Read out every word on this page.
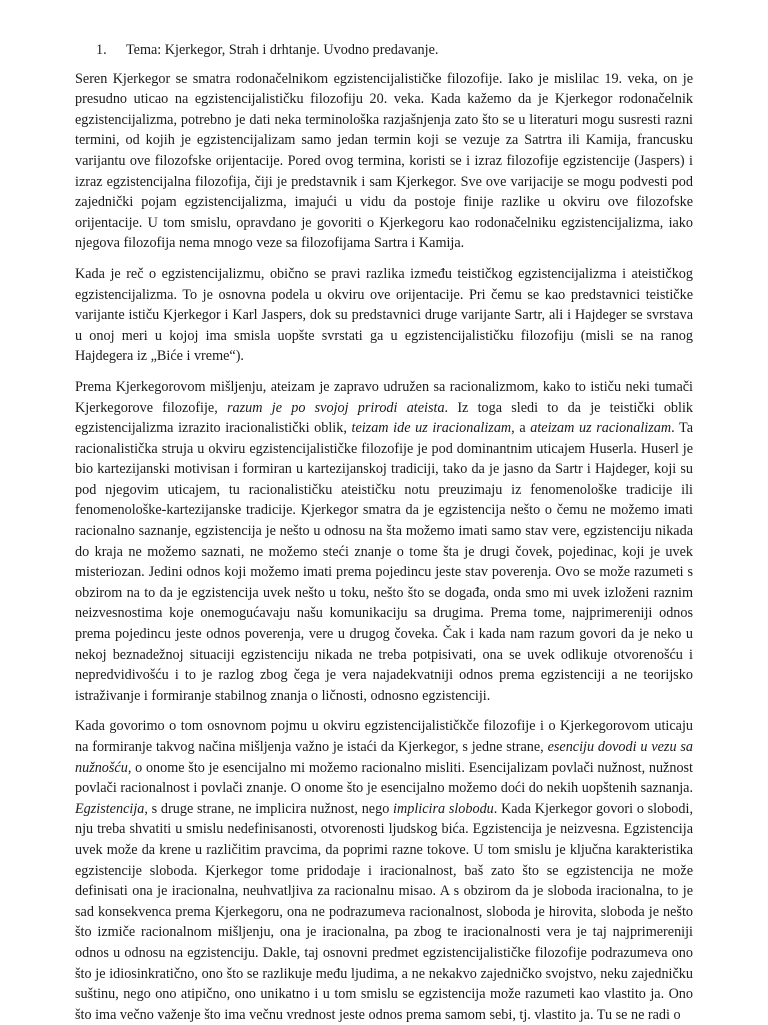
1.	Tema: Kjerkegor, Strah i drhtanje. Uvodno predavanje.

Seren Kjerkegor se smatra rodonačelnikom egzistencijalističke filozofije. Iako je mislilac 19. veka, on je presudno uticao na egzistencijalističku filozofiju 20. veka. Kada kažemo da je Kjerkegor rodonačelnik egzistencijalizma, potrebno je dati neka terminološka razjašnjenja zato što se u literaturi mogu susresti razni termini, od kojih je egzistencijalizam samo jedan termin koji se vezuje za Satrtra ili Kamija, francusku varijantu ove filozofske orijentacije. Pored ovog termina, koristi se i izraz filozofije egzistencije (Jaspers) i izraz egzistencijalna filozofija, čiji je predstavnik i sam Kjerkegor. Sve ove varijacije se mogu podvesti pod zajednički pojam egzistencijalizma, imajući u vidu da postoje finije razlike u okviru ove filozofske orijentacije. U tom smislu, opravdano je govoriti o Kjerkegoru kao rodonačelniku egzistencijalizma, iako njegova filozofija nema mnogo veze sa filozofijama Sartra i Kamija.

Kada je reč o egzistencijalizmu, obično se pravi razlika između teističkog egzistencijalizma i ateističkog egzistencijalizma. To je osnovna podela u okviru ove orijentacije. Pri čemu se kao predstavnici teističke varijante ističu Kjerkegor i Karl Jaspers, dok su predstavnici druge varijante Sartr, ali i Hajdeger se svrstava u onoj meri u kojoj ima smisla uopšte svrstati ga u egzistencijalističku filozofiju (misli se na ranog Hajdegera iz „Biće i vreme“).

Prema Kjerkegorovom mišljenju, ateizam je zapravo udružen sa racionalizmom, kako to ističu neki tumači Kjerkegorove filozofije, razum je po svojoj prirodi ateista. Iz toga sledi to da je teistički oblik egzistencijalizma izrazito iracionalistički oblik, teizam ide uz iracionalizam, a ateizam uz racionalizam. Ta racionalistička struja u okviru egzistencijalističke filozofije je pod dominantnim uticajem Huserla. Huserl je bio kartezijanski motivisan i formiran u kartezijanskoj tradiciji, tako da je jasno da Sartr i Hajdeger, koji su pod njegovim uticajem, tu racionalističku ateističku notu preuzimaju iz fenomenološke tradicije ili fenomenološke-kartezijanske tradicije. Kjerkegor smatra da je egzistencija nešto o čemu ne možemo imati racionalno saznanje, egzistencija je nešto u odnosu na šta možemo imati samo stav vere, egzistenciju nikada do kraja ne možemo saznati, ne možemo steći znanje o tome šta je drugi čovek, pojedinac, koji je uvek misteriozan. Jedini odnos koji možemo imati prema pojedincu jeste stav poverenja. Ovo se može razumeti s obzirom na to da je egzistencija uvek nešto u toku, nešto što se događa, onda smo mi uvek izloženi raznim neizvesnostima koje onemogućavaju našu komunikaciju sa drugima. Prema tome, najprimereniji odnos prema pojedincu jeste odnos poverenja, vere u drugog čoveka. Čak i kada nam razum govori da je neko u nekoj beznadežnoj situaciji egzistenciju nikada ne treba potpisivati, ona se uvek odlikuje otvorenošću i nepredvidivošću i to je razlog zbog čega je vera najadekvatniji odnos prema egzistenciji a ne teorijsko istraživanje i formiranje stabilnog znanja o ličnosti, odnosno egzistenciji.

Kada govorimo o tom osnovnom pojmu u okviru egzistencijalističkče filozofije i o Kjerkegorovom uticaju na formiranje takvog načina mišljenja važno je istaći da Kjerkegor, s jedne strane, esenciju dovodi u vezu sa nužnošću, o onome što je esencijalno mi možemo racionalno misliti. Esencijalizam povlači nužnost, nužnost povlači racionalnost i povlači znanje. O onome što je esencijalno možemo doći do nekih uopštenih saznanja. Egzistencija, s druge strane, ne implicira nužnost, nego implicira slobodu. Kada Kjerkegor govori o slobodi, nju treba shvatiti u smislu nedefinisanosti, otvorenosti ljudskog bića. Egzistencija je neizvesna. Egzistencija uvek može da krene u različitim pravcima, da poprimi razne tokove. U tom smislu je ključna karakteristika egzistencije sloboda. Kjerkegor tome pridodaje i iracionalnost, baš zato što se egzistencija ne može definisati ona je iracionalna, neuhvatljiva za racionalnu misao. A s obzirom da je sloboda iracionalna, to je sad konsekvenca prema Kjerkegoru, ona ne podrazumeva racionalnost, sloboda je hirovita, sloboda je nešto što izmiče racionalnom mišljenju, ona je iracionalna, pa zbog te iracionalnosti vera je taj najprimereniji odnos u odnosu na egzistenciju. Dakle, taj osnovni predmet egzistencijalističke filozofije podrazumeva ono što je idiosinkratično, ono što se razlikuje među ljudima, a ne nekakvo zajedničko svojstvo, neku zajedničku suštinu, nego ono atipično, ono unikatno i u tom smislu se egzistencija može razumeti kao vlastito ja. Ono što ima večno važenje što ima večnu vrednost jeste odnos prema samom sebi, tj. vlastito ja. Tu se ne radi o
